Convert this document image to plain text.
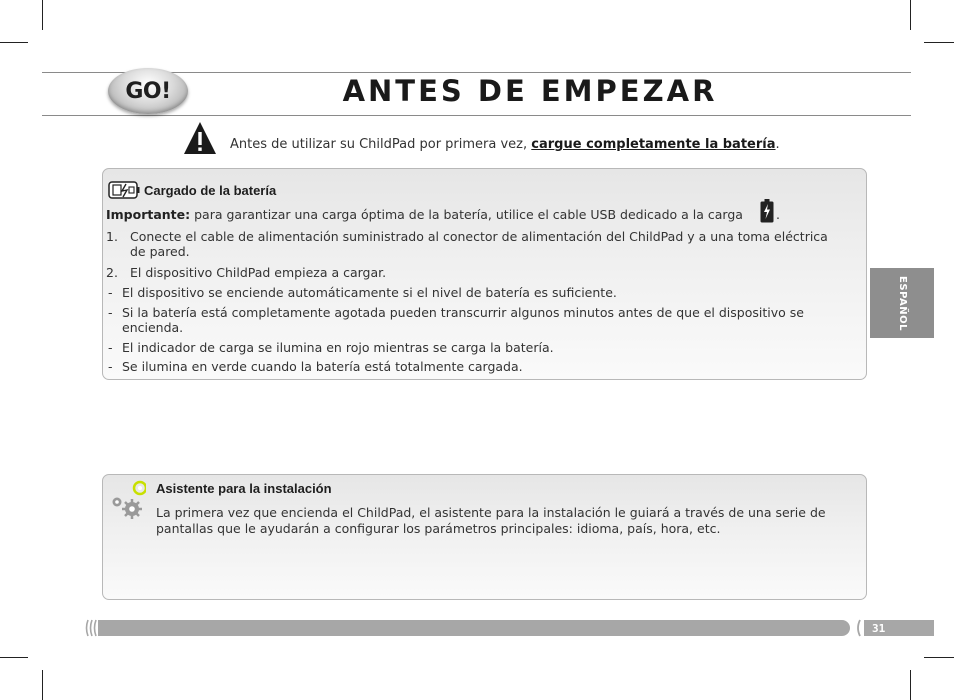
GO!	ANTES DE EMPEZAR
Antes de utilizar su ChildPad por primera vez, cargue completamente la batería.
Cargado de la batería
Importante: para garantizar una carga óptima de la batería, utilice el cable USB dedicado a la carga	.
1. Conecte el cable de alimentación suministrado al conector de alimentación del ChildPad y a una toma eléctrica
de pared.
2. El dispositivo ChildPad empieza a cargar.
- El dispositivo se enciende automáticamente si el nivel de batería es suficiente.
- Si la batería está completamente agotada pueden transcurrir algunos minutos antes de que el dispositivo se
encienda.
- El indicador de carga se ilumina en rojo mientras se carga la batería.
- Se ilumina en verde cuando la batería está totalmente cargada.
Asistente para la instalación
La primera vez que encienda el ChildPad, el asistente para la instalación le guiará a través de una serie de
pantallas que le ayudarán a configurar los parámetros principales: idioma, país, hora, etc.
ESPAÑOL
31
